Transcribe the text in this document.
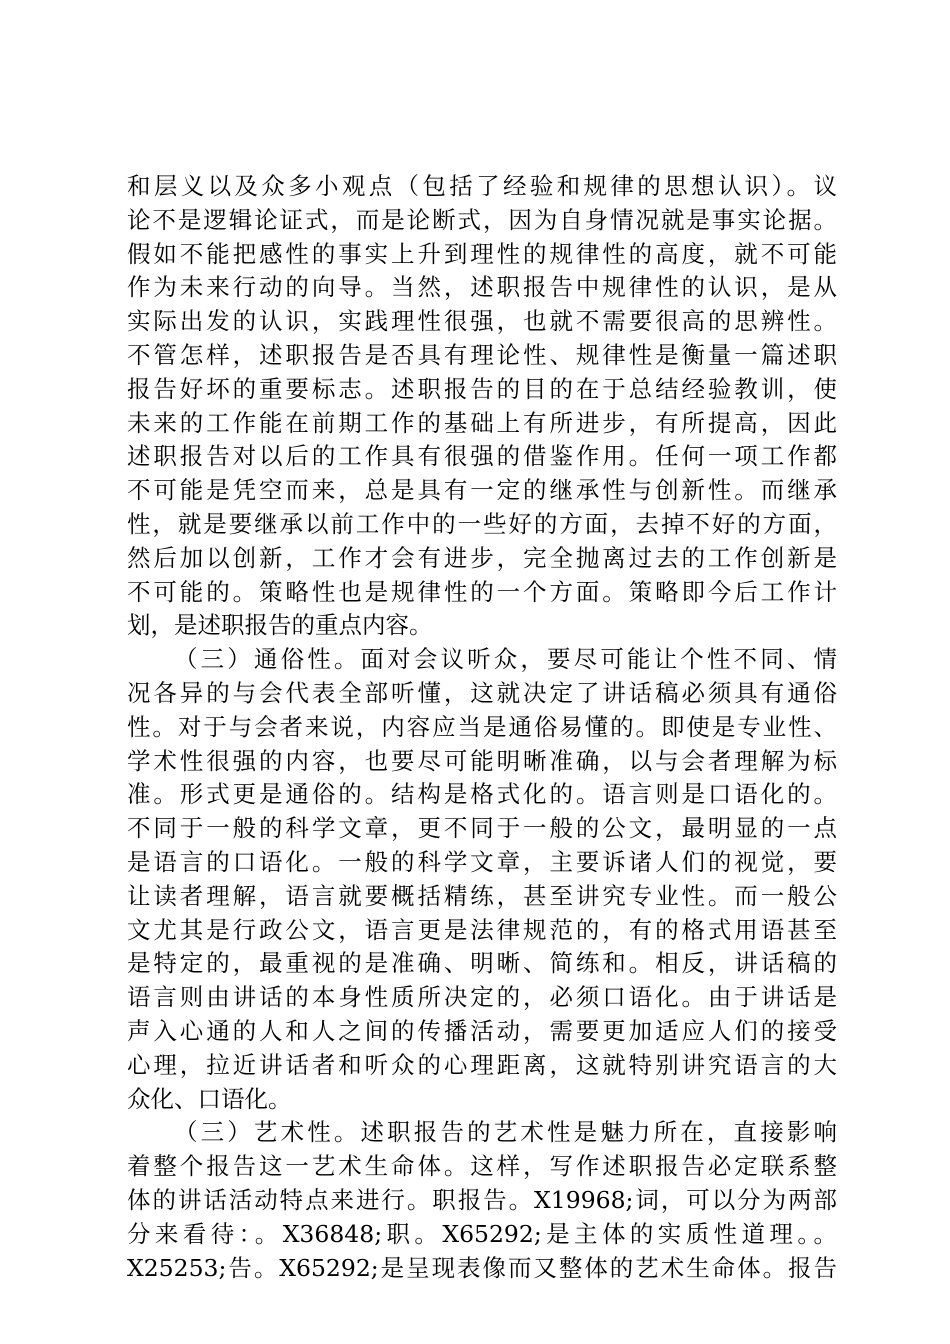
和层义以及众多小观点（包括了经验和规律的思想认识）。议
论不是逻辑论证式，而是论断式，因为自身情况就是事实论据。
假如不能把感性的事实上升到理性的规律性的高度，就不可能
作为未来行动的向导。当然，述职报告中规律性的认识，是从
实际出发的认识，实践理性很强，也就不需要很高的思辨性。
不管怎样，述职报告是否具有理论性、规律性是衡量一篇述职
报告好坏的重要标志。述职报告的目的在于总结经验教训，使
未来的工作能在前期工作的基础上有所进步，有所提高，因此
述职报告对以后的工作具有很强的借鉴作用。任何一项工作都
不可能是凭空而来，总是具有一定的继承性与创新性。而继承
性，就是要继承以前工作中的一些好的方面，去掉不好的方面，
然后加以创新，工作才会有进步，完全抛离过去的工作创新是
不可能的。策略性也是规律性的一个方面。策略即今后工作计
划，是述职报告的重点内容。
（三）通俗性。面对会议听众，要尽可能让个性不同、情
况各异的与会代表全部听懂，这就决定了讲话稿必须具有通俗
性。对于与会者来说，内容应当是通俗易懂的。即使是专业性、
学术性很强的内容，也要尽可能明晰准确，以与会者理解为标
准。形式更是通俗的。结构是格式化的。语言则是口语化的。
不同于一般的科学文章，更不同于一般的公文，最明显的一点
是语言的口语化。一般的科学文章，主要诉诸人们的视觉，要
让读者理解，语言就要概括精练，甚至讲究专业性。而一般公
文尤其是行政公文，语言更是法律规范的，有的格式用语甚至
是特定的，最重视的是准确、明晰、简练和。相反，讲话稿的
语言则由讲话的本身性质所决定的，必须口语化。由于讲话是
声入心通的人和人之间的传播活动，需要更加适应人们的接受
心理，拉近讲话者和听众的心理距离，这就特别讲究语言的大
众化、口语化。
（三）艺术性。述职报告的艺术性是魅力所在，直接影响
着整个报告这一艺术生命体。这样，写作述职报告必定联系整
体的讲话活动特点来进行。职报告。X19968;词，可以分为两部
分来看待：。X36848;职。X65292;是主体的实质性道理。。
X25253;告。X65292;是呈现表像而又整体的艺术生命体。报告
